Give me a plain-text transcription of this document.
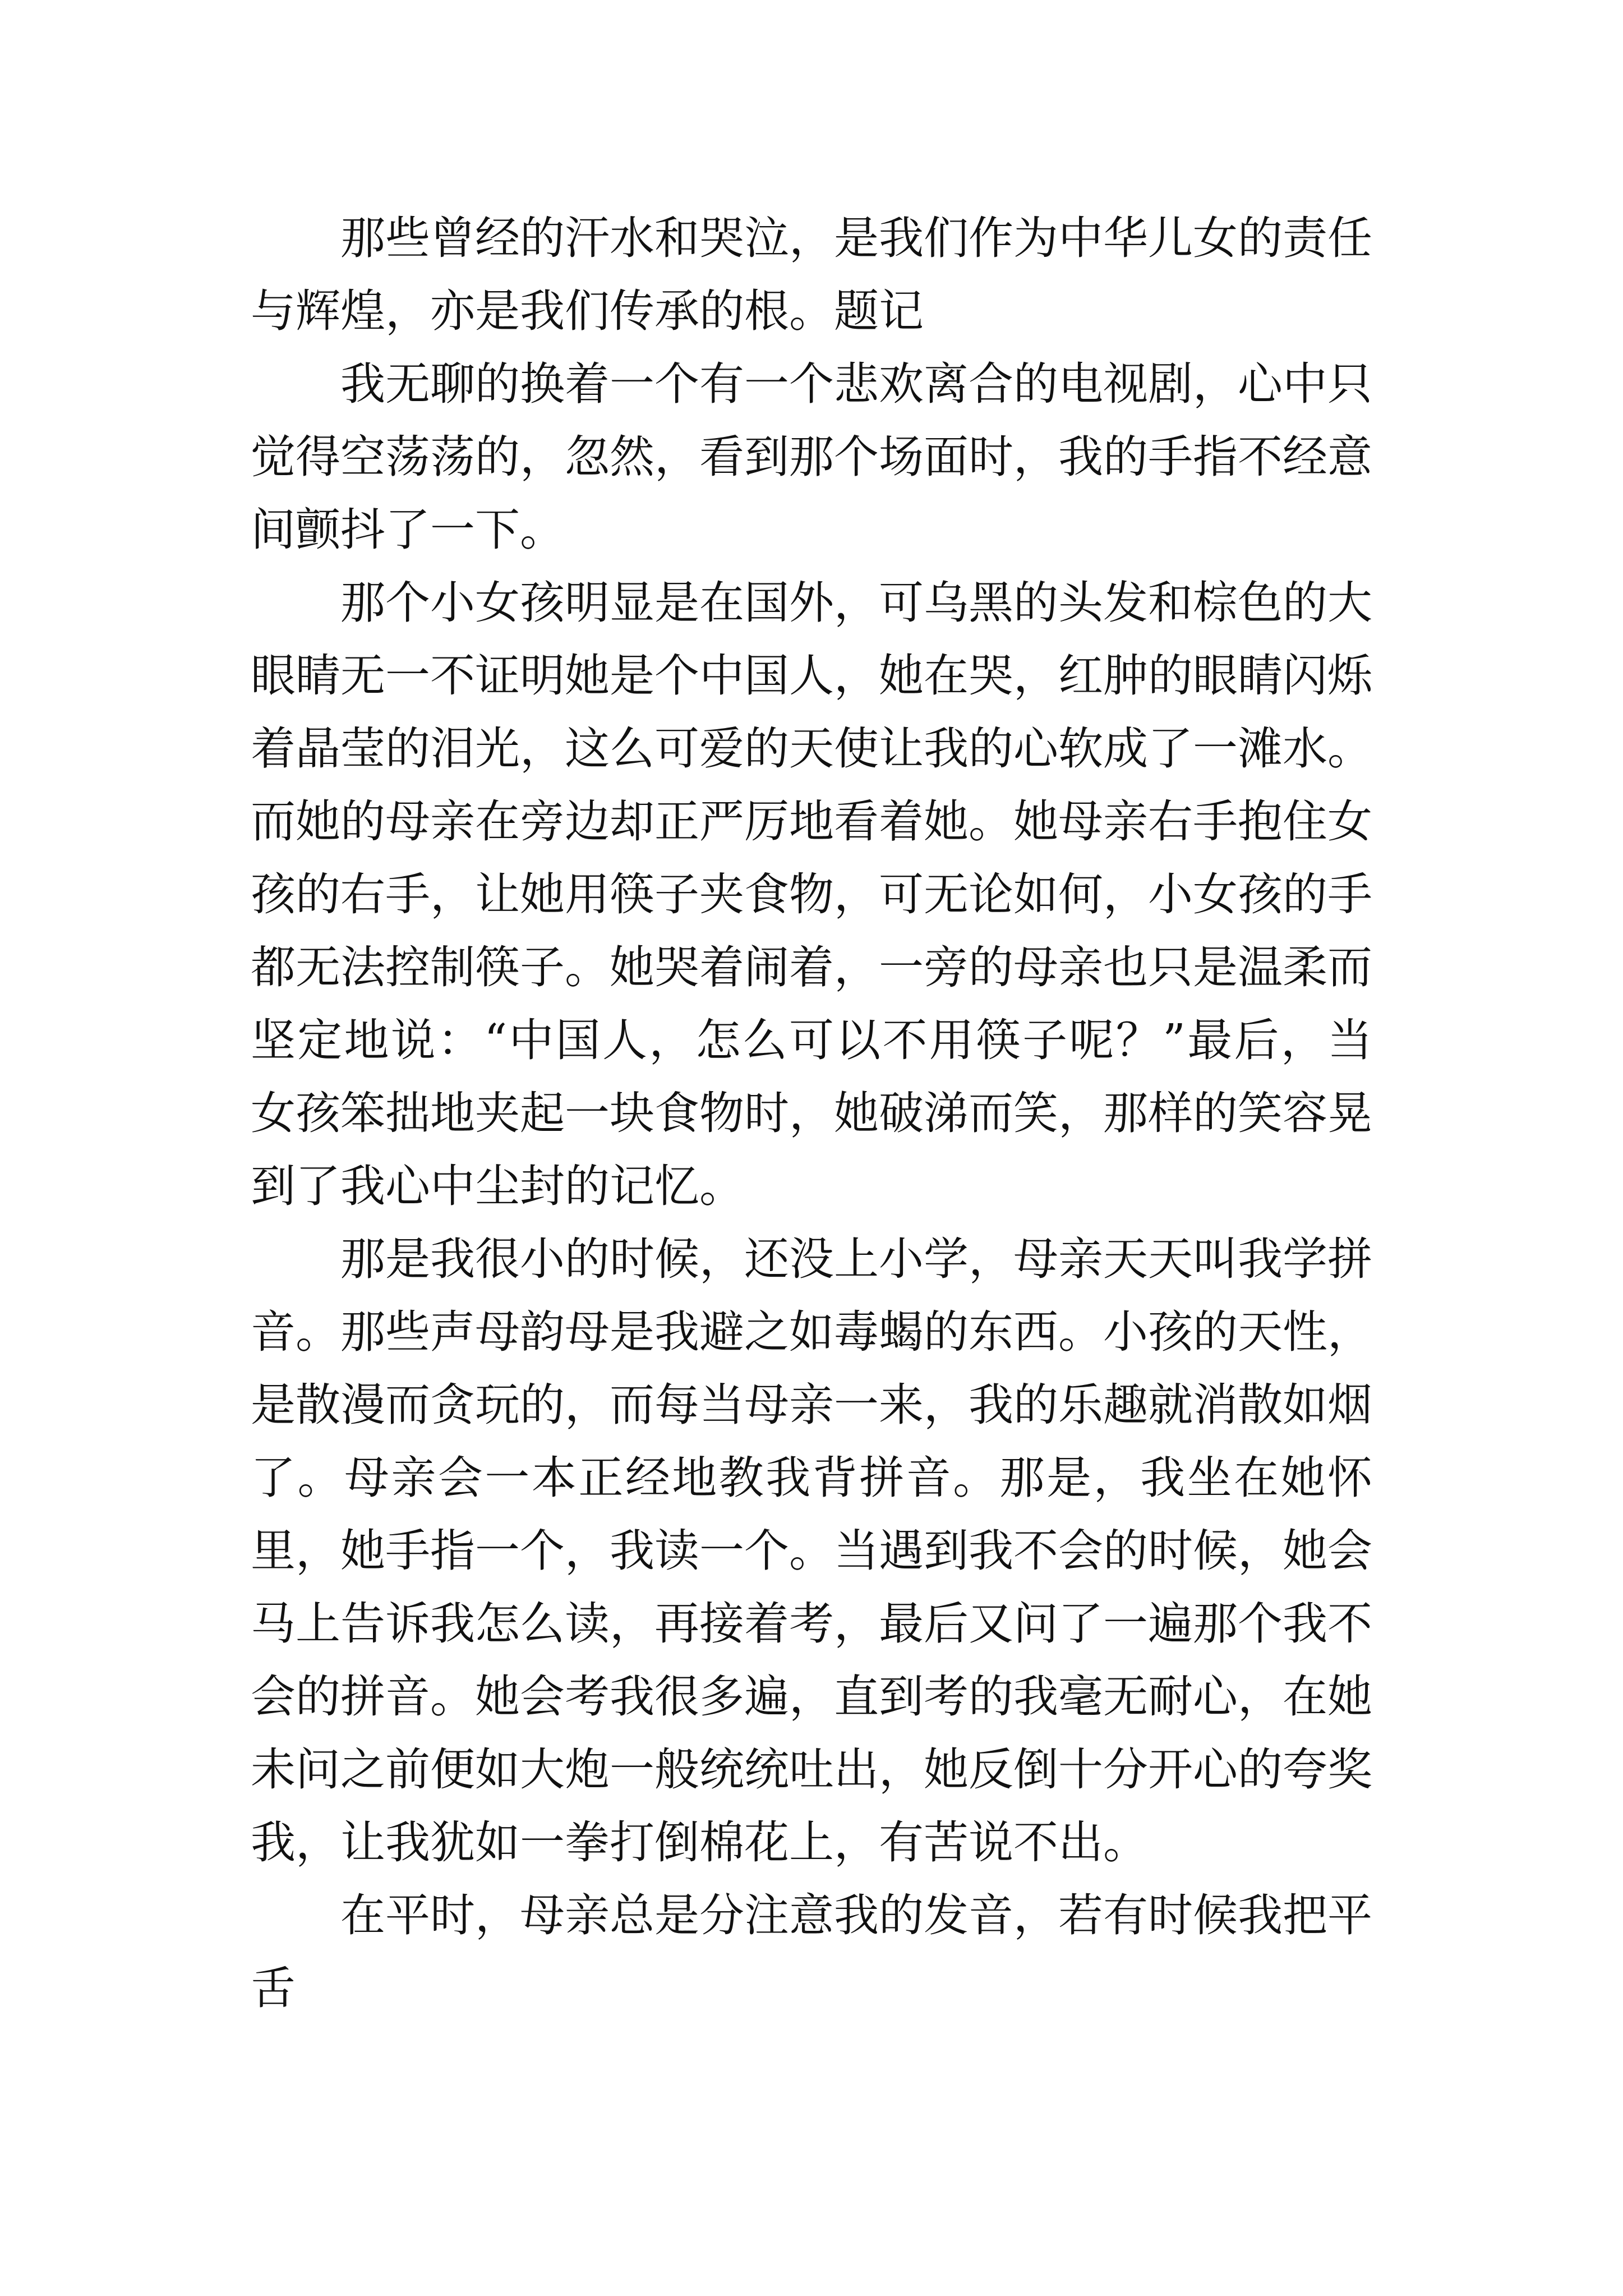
那些曾经的汗水和哭泣，是我们作为中华儿女的责任与辉煌，亦是我们传承的根。题记

我无聊的换着一个有一个悲欢离合的电视剧，心中只觉得空荡荡的，忽然，看到那个场面时，我的手指不经意间颤抖了一下。

那个小女孩明显是在国外，可乌黑的头发和棕色的大眼睛无一不证明她是个中国人，她在哭，红肿的眼睛闪烁着晶莹的泪光，这么可爱的天使让我的心软成了一滩水。而她的母亲在旁边却正严厉地看着她。她母亲右手抱住女孩的右手，让她用筷子夹食物，可无论如何，小女孩的手都无法控制筷子。她哭着闹着，一旁的母亲也只是温柔而坚定地说：“中国人，怎么可以不用筷子呢？”最后，当女孩笨拙地夹起一块食物时，她破涕而笑，那样的笑容晃到了我心中尘封的记忆。

那是我很小的时候，还没上小学，母亲天天叫我学拼音。那些声母韵母是我避之如毒蝎的东西。小孩的天性，是散漫而贪玩的，而每当母亲一来，我的乐趣就消散如烟了。母亲会一本正经地教我背拼音。那是，我坐在她怀里，她手指一个，我读一个。当遇到我不会的时候，她会马上告诉我怎么读，再接着考，最后又问了一遍那个我不会的拼音。她会考我很多遍，直到考的我毫无耐心，在她未问之前便如大炮一般统统吐出，她反倒十分开心的夸奖我，让我犹如一拳打倒棉花上，有苦说不出。

在平时，母亲总是分注意我的发音，若有时候我把平舌
